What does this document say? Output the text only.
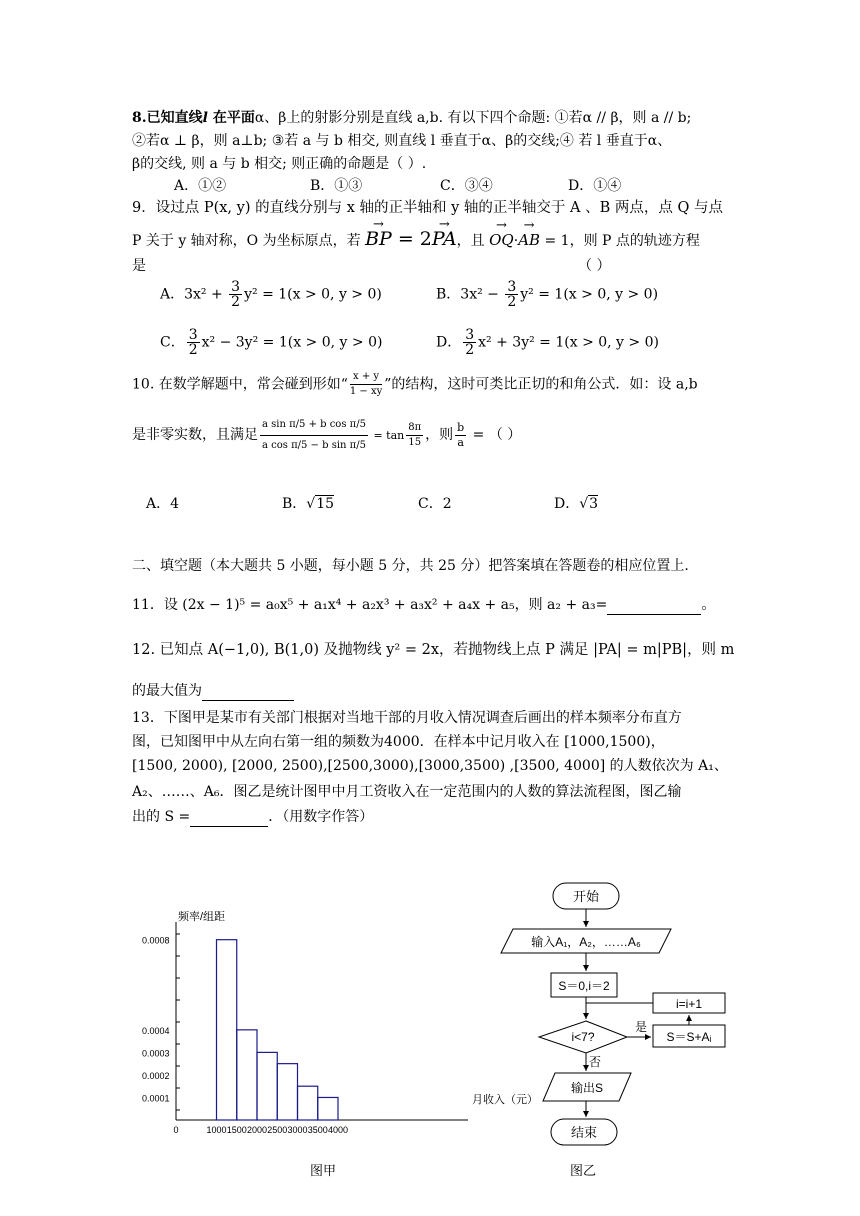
8.已知直线l 在平面α、β上的射影分别是直线 a,b. 有以下四个命题: ①若α // β，则 a // b;
②若α ⊥ β，则 a⊥b; ③若 a 与 b 相交, 则直线 l 垂直于α、β的交线;④ 若 l 垂直于α、
β的交线, 则 a 与 b 相交; 则正确的命题是（ ）.
A．①②	B．①③	C．③④	D．①④
9．设过点 P(x, y) 的直线分别与 x 轴的正半轴和 y 轴的正半轴交于 A 、B 两点，点 Q 与点
P 关于 y 轴对称，O 为坐标原点，若 → BP = 2→ PA，且 → OQ·→ AB = 1，则 P 点的轨迹方程
是	（ ）
A．$3x^2 + \frac{3}{2} y^2 = 1(x > 0$, y > 0)	B．$3x^2 - \frac{3}{2} y^2 = 1(x > 0$, y > 0)
C． $\frac{3}{2} x^2 - 3y^2 = 1(x > 0$, y > 0)	D． $\frac{3}{2} x^2 + 3y^2 = 1(x > 0$, y > 0)
10. 在数学解题中，常会碰到形如“ $\frac{x + y}{1 - xy}$ ”的结构，这时可类比正切的和角公式．如：设 a,b
是非零实数，且满足 $\frac{\text{a sin π/5 + b cos π/5}}{\text{a cos π/5 − b sin π/5}} = \tan \frac{8\pi}{15}$ ，则 $\frac{b}{a}$ = （ ）
A．4	B．√15	C．2	D．√3
二、填空题（本大题共 5 小题，每小题 5 分，共 25 分）把答案填在答题卷的相应位置上.
11．设 (2x − 1)⁵ = a₀x⁵ + a₁x⁴ + a₂x³ + a₃x² + a₄x + a₅，则 a₂ + a₃=	。
12. 已知点 A(−1,0), B(1,0) 及抛物线 y² = 2x，若抛物线上点 P 满足 |PA| = m|PB|，则 m
的最大值为
13．下图甲是某市有关部门根据对当地干部的月收入情况调查后画出的样本频率分布直方
图，已知图甲中从左向右第一组的频数为4000．在样本中记月收入在 [1000,1500)，
[1500, 2000), [2000, 2500),[2500,3000),[3000,3500) ,[3500, 4000] 的人数依次为 A₁、
A₂、……、A₆．图乙是统计图甲中月工资收入在一定范围内的人数的算法流程图，图乙输
出的 S =	．（用数字作答）
频率/组距
月收入（元）
0.0008
0.0004
0.0003
0.0002
0.0001
0	1000 1500 2000 2500 3000 3500 4000
图甲
开始
输入A₁，A₂，……A₆
S＝0,i＝2
i<7?
是
S＝S+Aᵢ
i=i+1
否
输出S
结束
图乙
